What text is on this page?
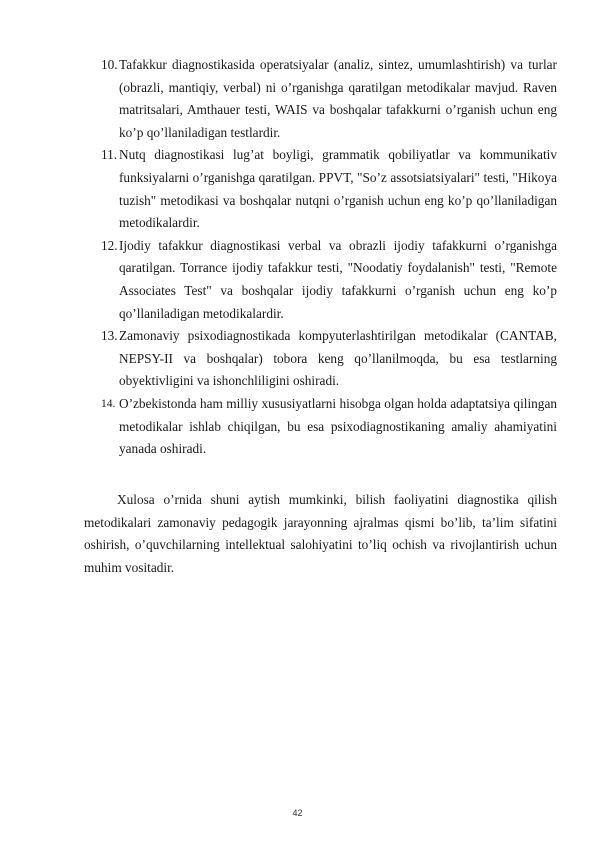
10. Tafakkur diagnostikasida operatsiyalar (analiz, sintez, umumlashtirish) va turlar (obrazli, mantiqiy, verbal) ni o’rganishga qaratilgan metodikalar mavjud. Raven matritsalari, Amthauer testi, WAIS va boshqalar tafakkurni o’rganish uchun eng ko’p qo’llaniladigan testlardir.

11. Nutq diagnostikasi lug’at boyligi, grammatik qobiliyatlar va kommunikativ funksiyalarni o’rganishga qaratilgan. PPVT, "So’z assotsiatsiyalari" testi, "Hikoya tuzish" metodikasi va boshqalar nutqni o’rganish uchun eng ko’p qo’llaniladigan metodikalardir.

12. Ijodiy tafakkur diagnostikasi verbal va obrazli ijodiy tafakkurni o’rganishga qaratilgan. Torrance ijodiy tafakkur testi, "Noodatiy foydalanish" testi, "Remote Associates Test" va boshqalar ijodiy tafakkurni o’rganish uchun eng ko’p qo’llaniladigan metodikalardir.

13. Zamonaviy psixodiagnostikada kompyuterlashtirilgan metodikalar (CANTAB, NEPSY-II va boshqalar) tobora keng qo’llanilmoqda, bu esa testlarning obyektivligini va ishonchliligini oshiradi.

14. O’zbekistonda ham milliy xususiyatlarni hisobga olgan holda adaptatsiya qilingan metodikalar ishlab chiqilgan, bu esa psixodiagnostikaning amaliy ahamiyatini yanada oshiradi.

Xulosa o’rnida shuni aytish mumkinki, bilish faoliyatini diagnostika qilish metodikalari zamonaviy pedagogik jarayonning ajralmas qismi bo’lib, ta’lim sifatini oshirish, o’quvchilarning intellektual salohiyatini to’liq ochish va rivojlantirish uchun muhim vositadir.

42
